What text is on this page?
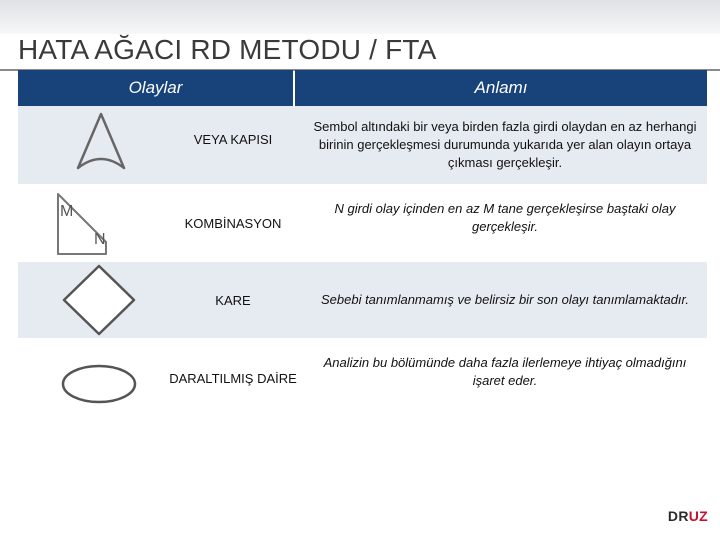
HATA AĞACI RD METODU / FTA
Olaylar	Anlamı
VEYA KAPISI
Sembol altındaki bir veya birden fazla girdi olaydan en az herhangi birinin gerçekleşmesi durumunda yukarıda yer alan olayın ortaya çıkması gerçekleşir.
M
N
KOMBİNASYON
N girdi olay içinden en az M tane gerçekleşirse baştaki olay gerçekleşir.
KARE	Sebebi tanımlanmamış ve belirsiz bir son olayı tanımlamaktadır.
DARALTILMIŞ DAİRE
Analizin bu bölümünde daha fazla ilerlemeye ihtiyaç olmadığını işaret eder.
DRUZ
